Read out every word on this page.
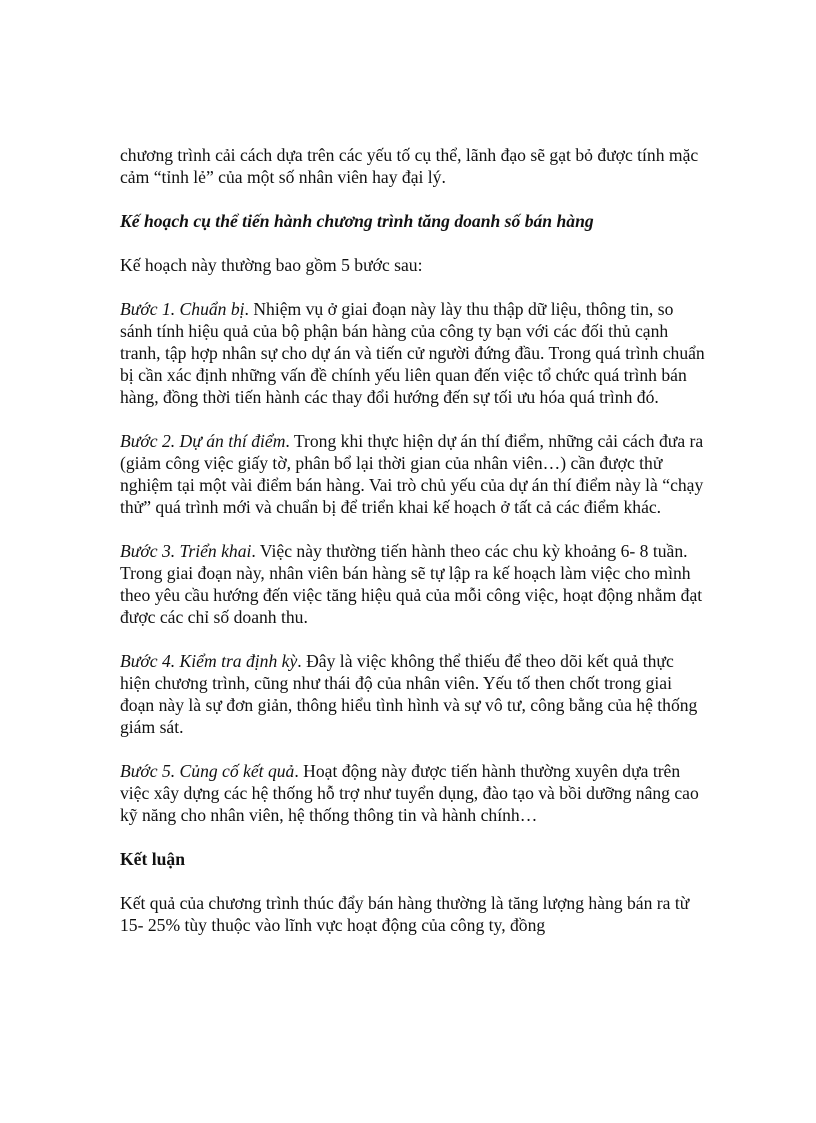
chương trình cải cách dựa trên các yếu tố cụ thể, lãnh đạo sẽ gạt bỏ được tính mặc cảm “tỉnh lẻ” của một số nhân viên hay đại lý.

Kế hoạch cụ thể tiến hành chương trình tăng doanh số bán hàng

Kế hoạch này thường bao gồm 5 bước sau:

Bước 1. Chuẩn bị. Nhiệm vụ ở giai đoạn này lày thu thập dữ liệu, thông tin, so sánh tính hiệu quả của bộ phận bán hàng của công ty bạn với các đối thủ cạnh tranh, tập hợp nhân sự cho dự án và tiến cử người đứng đầu. Trong quá trình chuẩn bị cần xác định những vấn đề chính yếu liên quan đến việc tổ chức quá trình bán hàng, đồng thời tiến hành các thay đổi hướng đến sự tối ưu hóa quá trình đó.

Bước 2. Dự án thí điểm. Trong khi thực hiện dự án thí điểm, những cải cách đưa ra (giảm công việc giấy tờ, phân bổ lại thời gian của nhân viên…) cần được thử nghiệm tại một vài điểm bán hàng. Vai trò chủ yếu của dự án thí điểm này là “chạy thử” quá trình mới và chuẩn bị để triển khai kế hoạch ở tất cả các điểm khác.

Bước 3. Triển khai. Việc này thường tiến hành theo các chu kỳ khoảng 6- 8 tuần. Trong giai đoạn này, nhân viên bán hàng sẽ tự lập ra kế hoạch làm việc cho mình theo yêu cầu hướng đến việc tăng hiệu quả của mỗi công việc, hoạt động nhằm đạt được các chỉ số doanh thu.

Bước 4. Kiểm tra định kỳ. Đây là việc không thể thiếu để theo dõi kết quả thực hiện chương trình, cũng như thái độ của nhân viên. Yếu tố then chốt trong giai đoạn này là sự đơn giản, thông hiểu tình hình và sự vô tư, công bằng của hệ thống giám sát.

Bước 5. Củng cố kết quả. Hoạt động này được tiến hành thường xuyên dựa trên việc xây dựng các hệ thống hỗ trợ như tuyển dụng, đào tạo và bồi dưỡng nâng cao kỹ năng cho nhân viên, hệ thống thông tin và hành chính…

Kết luận

Kết quả của chương trình thúc đẩy bán hàng thường là tăng lượng hàng bán ra từ 15- 25% tùy thuộc vào lĩnh vực hoạt động của công ty, đồng
